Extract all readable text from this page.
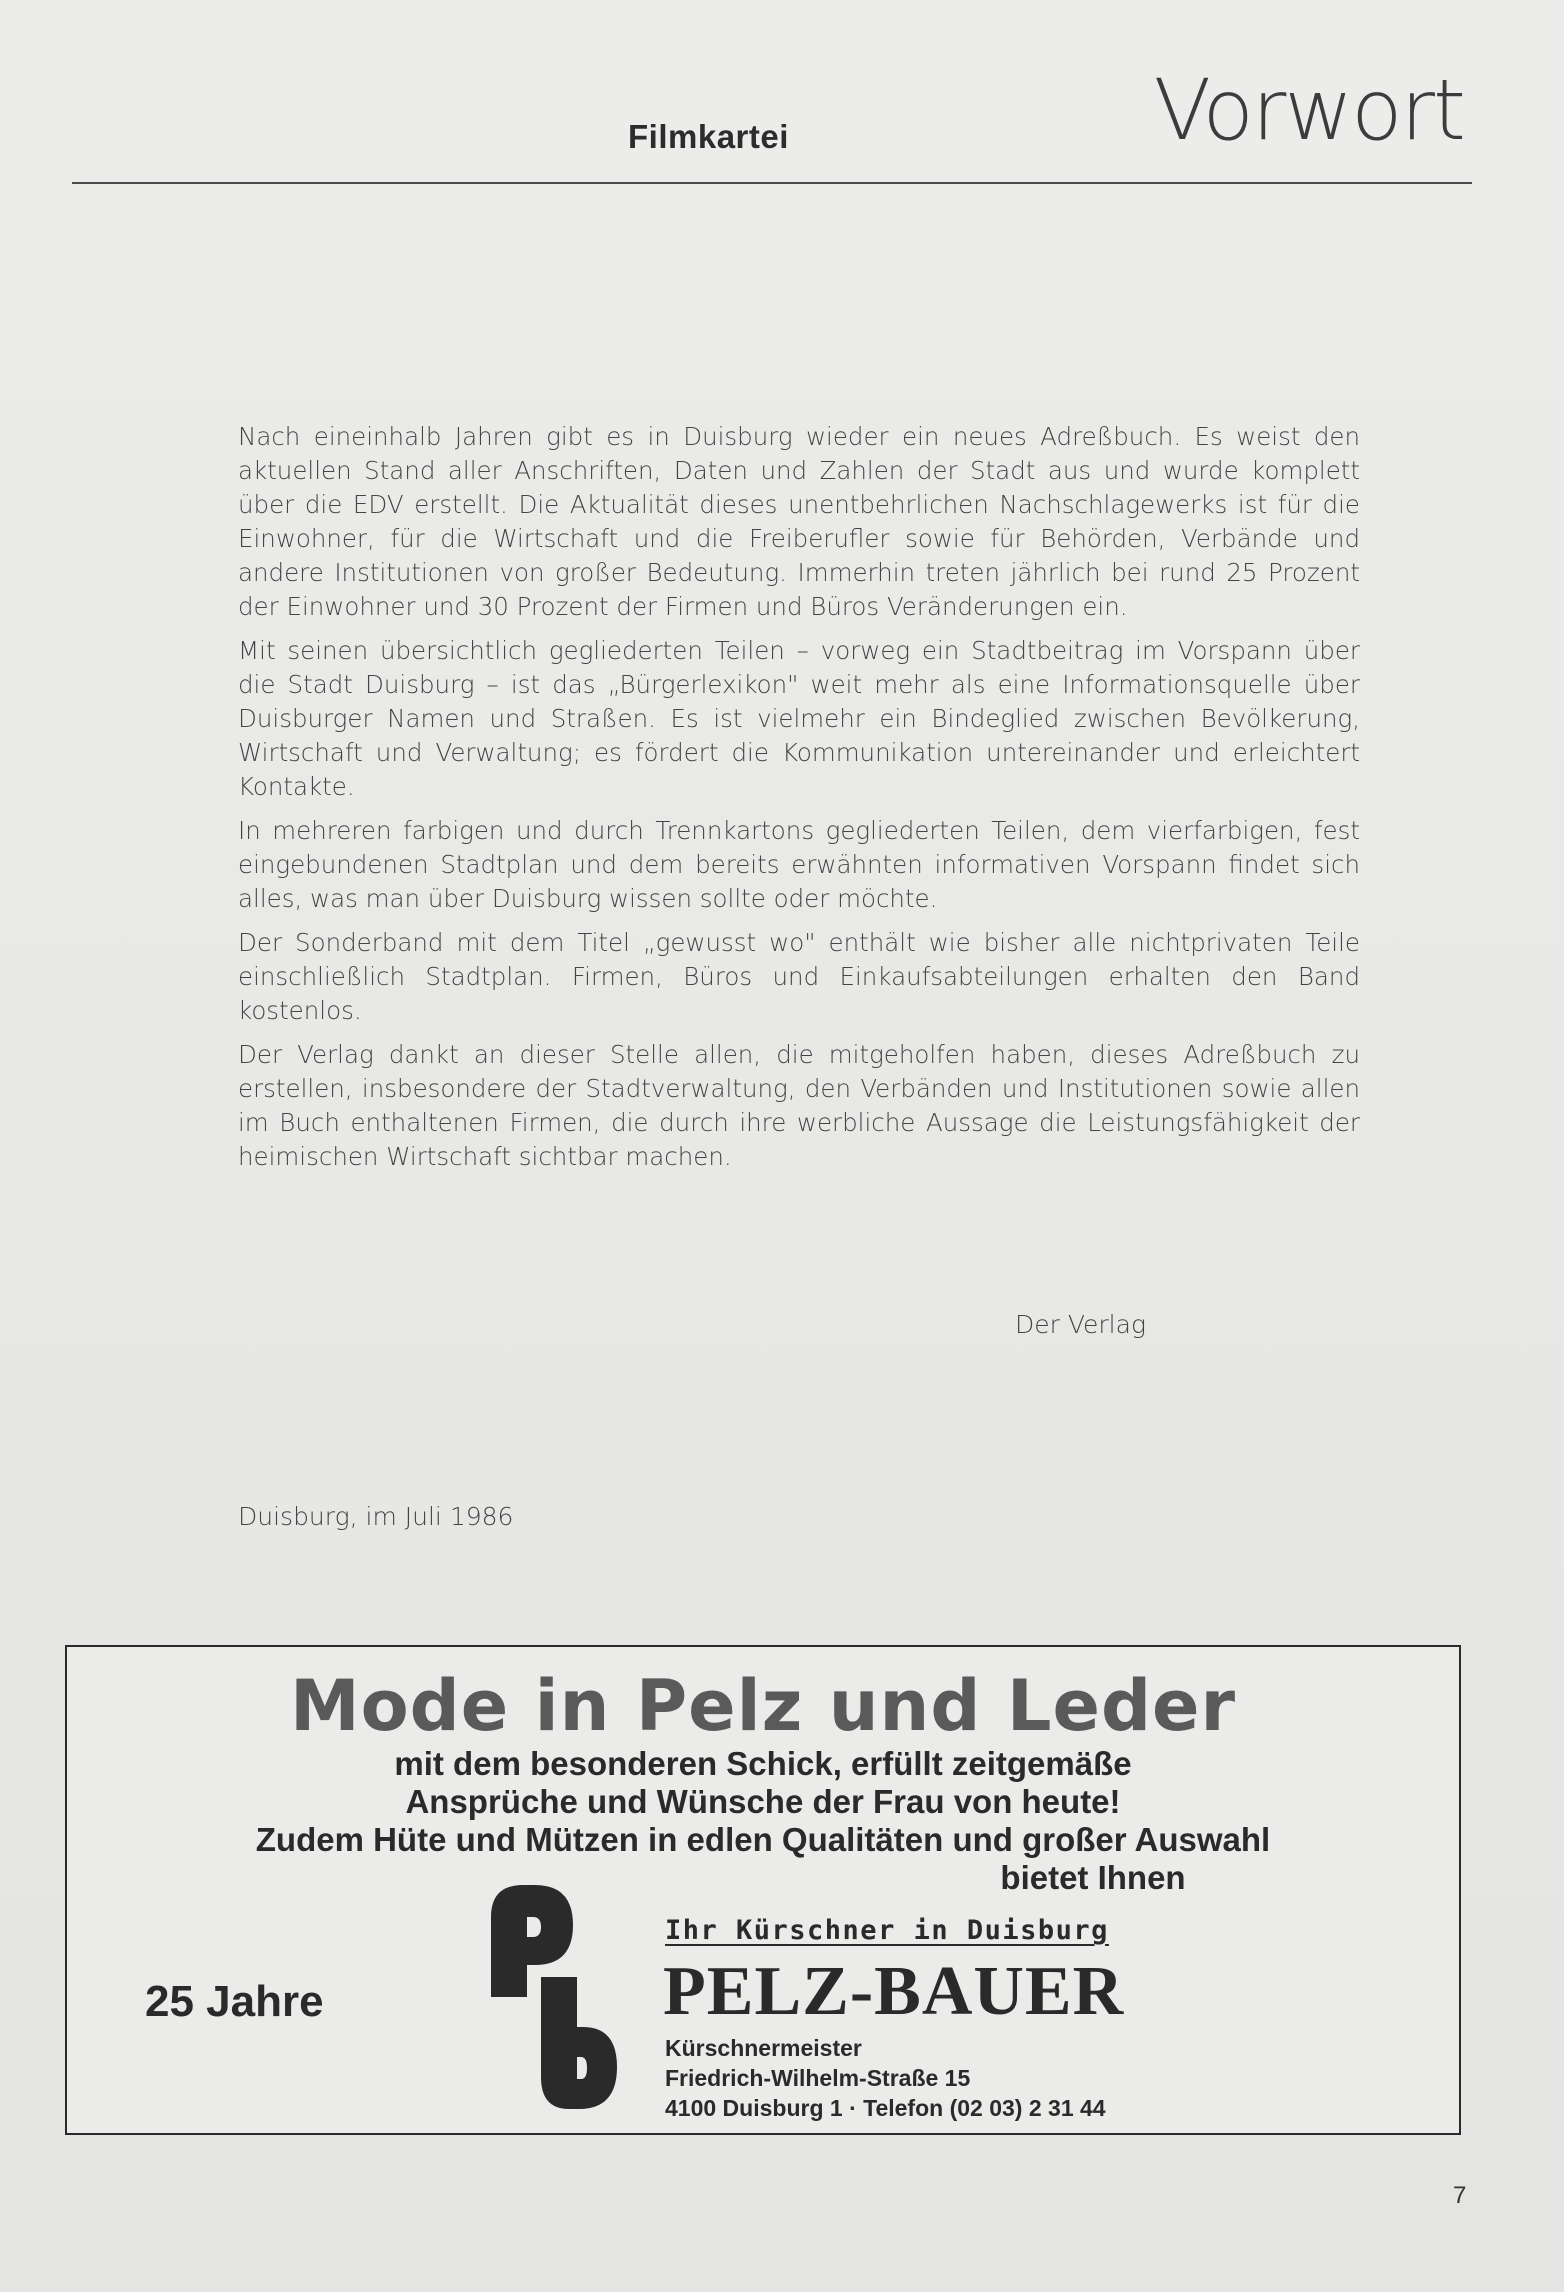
Filmkartei	Vorwort

Nach eineinhalb Jahren gibt es in Duisburg wieder ein neues Adreßbuch. Es weist den aktuellen Stand aller Anschriften, Daten und Zahlen der Stadt aus und wurde komplett über die EDV erstellt. Die Aktualität dieses unentbehrlichen Nachschlagewerks ist für die Einwohner, für die Wirtschaft und die Freiberufler sowie für Behörden, Verbände und andere Institutionen von großer Bedeutung. Immerhin treten jährlich bei rund 25 Prozent der Einwohner und 30 Prozent der Firmen und Büros Veränderungen ein.

Mit seinen übersichtlich gegliederten Teilen – vorweg ein Stadtbeitrag im Vorspann über die Stadt Duisburg – ist das „Bürgerlexikon" weit mehr als eine Informationsquelle über Duisburger Namen und Straßen. Es ist vielmehr ein Bindeglied zwischen Bevölkerung, Wirtschaft und Verwaltung; es fördert die Kommunikation untereinander und erleichtert Kontakte.

In mehreren farbigen und durch Trennkartons gegliederten Teilen, dem vierfarbigen, fest eingebundenen Stadtplan und dem bereits erwähnten informativen Vorspann findet sich alles, was man über Duisburg wissen sollte oder möchte.

Der Sonderband mit dem Titel „gewusst wo" enthält wie bisher alle nichtprivaten Teile einschließlich Stadtplan. Firmen, Büros und Einkaufsabteilungen erhalten den Band kostenlos.

Der Verlag dankt an dieser Stelle allen, die mitgeholfen haben, dieses Adreßbuch zu erstellen, insbesondere der Stadtverwaltung, den Verbänden und Institutionen sowie allen im Buch enthaltenen Firmen, die durch ihre werbliche Aussage die Leistungsfähigkeit der heimischen Wirtschaft sichtbar machen.

Der Verlag
Duisburg, im Juli 1986
Mode in Pelz und Leder
mit dem besonderen Schick, erfüllt zeitgemäße
Ansprüche und Wünsche der Frau von heute!
Zudem Hüte und Mützen in edlen Qualitäten und großer Auswahl
bietet Ihnen
25 Jahre
Ihr Kürschner in Duisburg
PELZ-BAUER
Kürschnermeister
Friedrich-Wilhelm-Straße 15
4100 Duisburg 1 · Telefon (02 03) 2 31 44
7
